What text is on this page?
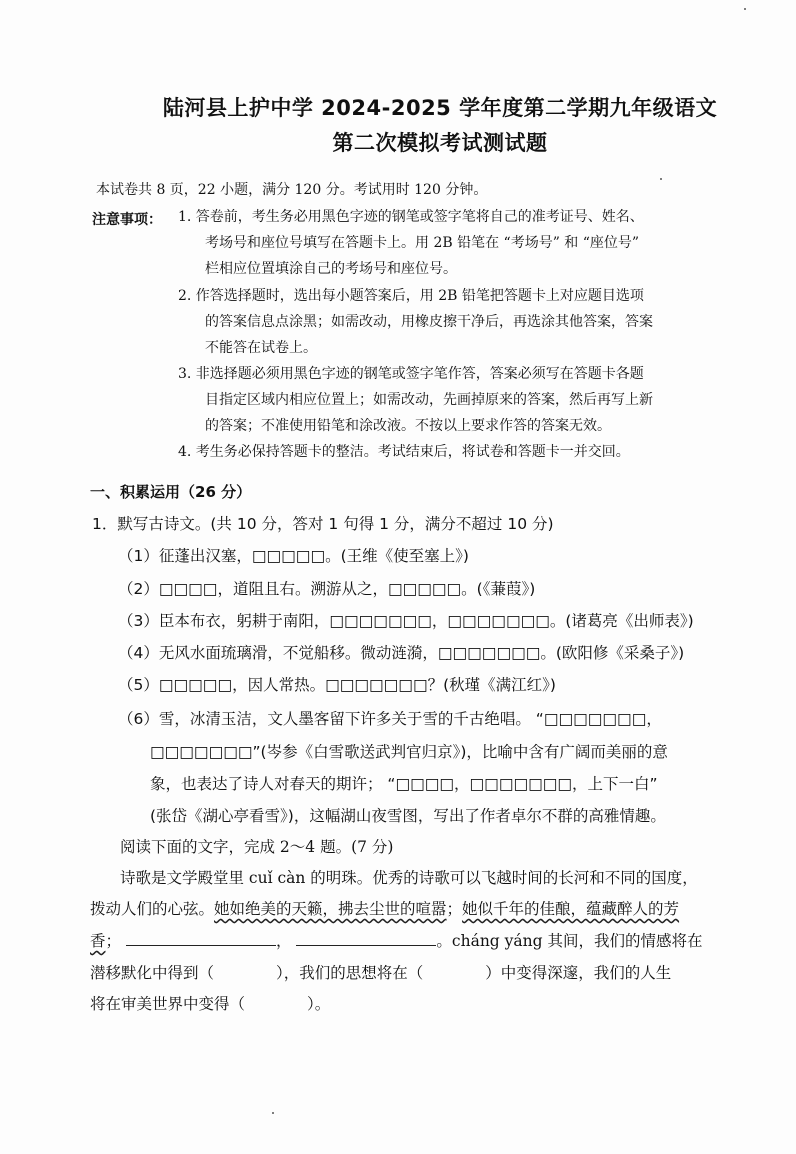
陆河县上护中学 2024-2025 学年度第二学期九年级语文
第二次模拟考试测试题
本试卷共 8 页，22 小题，满分 120 分。考试用时 120 分钟。
注意事项： 1. 答卷前，考生务必用黑色字迹的钢笔或签字笔将自己的准考证号、姓名、
考场号和座位号填写在答题卡上。用 2B 铅笔在 “考场号” 和 “座位号”
栏相应位置填涂自己的考场号和座位号。
2. 作答选择题时，选出每小题答案后，用 2B 铅笔把答题卡上对应题目选项
的答案信息点涂黑；如需改动，用橡皮擦干净后，再选涂其他答案，答案
不能答在试卷上。
3. 非选择题必须用黑色字迹的钢笔或签字笔作答，答案必须写在答题卡各题
目指定区域内相应位置上；如需改动，先画掉原来的答案，然后再写上新
的答案；不准使用铅笔和涂改液。不按以上要求作答的答案无效。
4. 考生务必保持答题卡的整洁。考试结束后，将试卷和答题卡一并交回。
一、积累运用（26 分）
1．默写古诗文。(共 10 分，答对 1 句得 1 分，满分不超过 10 分)
（1）征蓬出汉塞，□□□□□。(王维《使至塞上》)
（2）□□□□，道阻且右。溯游从之，□□□□□。(《蒹葭》)
（3）臣本布衣，躬耕于南阳，□□□□□□□，□□□□□□□。(诸葛亮《出师表》)
（4）无风水面琉璃滑，不觉船移。微动涟漪，□□□□□□□。(欧阳修《采桑子》)
（5）□□□□□，因人常热。□□□□□□□？(秋瑾《满江红》)
（6）雪，冰清玉洁，文人墨客留下许多关于雪的千古绝唱。 “□□□□□□□，
□□□□□□□”(岑参《白雪歌送武判官归京》)，比喻中含有广阔而美丽的意
象，也表达了诗人对春天的期许； “□□□□，□□□□□□□，上下一白”
(张岱《湖心亭看雪》)，这幅湖山夜雪图，写出了作者卓尔不群的高雅情趣。
阅读下面的文字，完成 2～4 题。(7 分)
诗歌是文学殿堂里 cuǐ càn 的明珠。优秀的诗歌可以飞越时间的长河和不同的国度，
拨动人们的心弦。她如绝美的天籁，拂去尘世的喧嚣；她似千年的佳酿，蕴藏醉人的芳
香；	，	。cháng yáng 其间，我们的情感将在
潜移默化中得到（　　　　），我们的思想将在（　　　　）中变得深邃，我们的人生
将在审美世界中变得（　　　　）。
